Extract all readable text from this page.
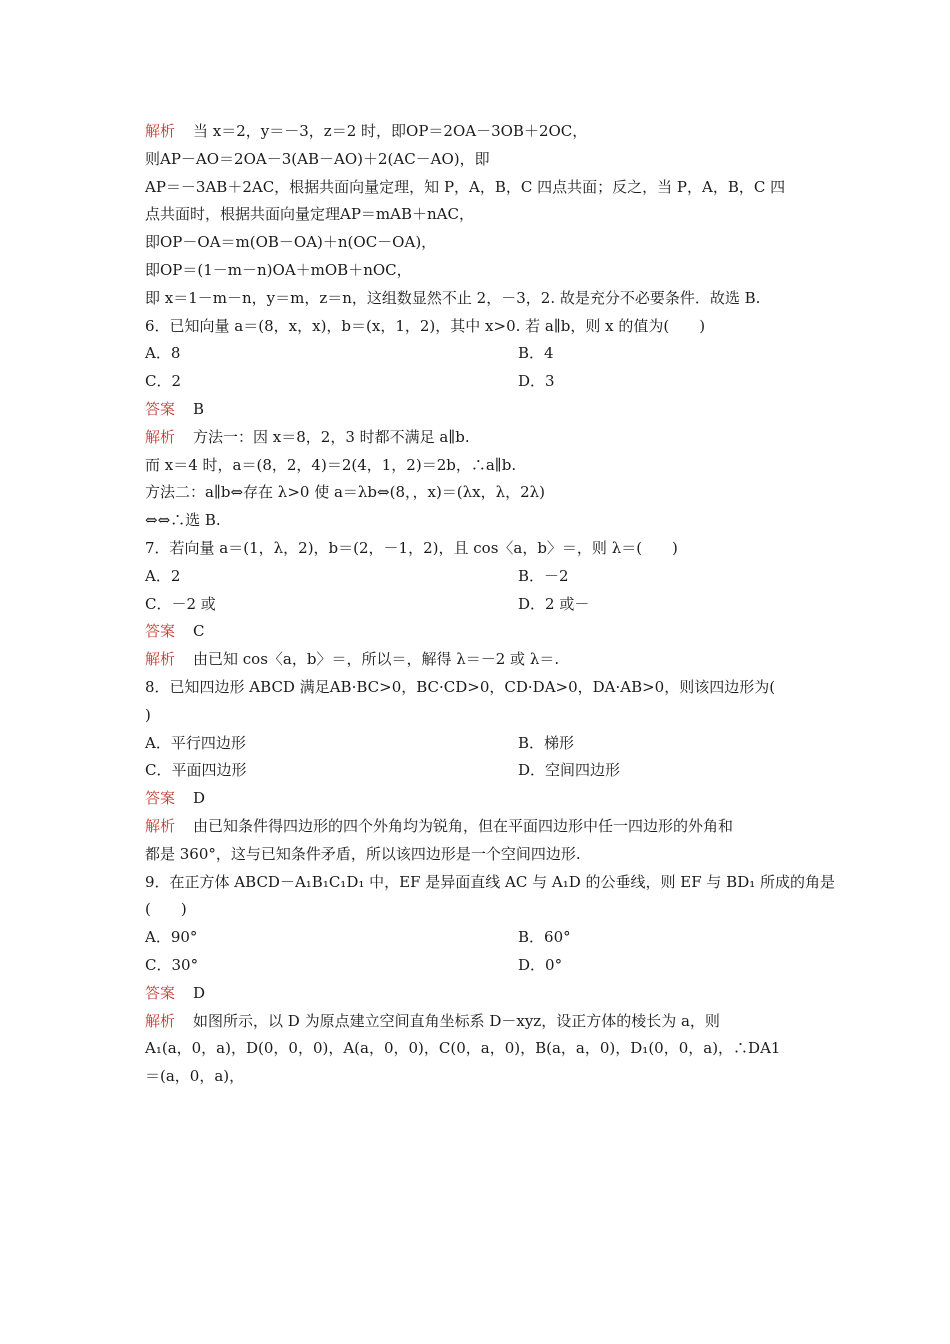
解析 当 x＝2，y＝－3，z＝2 时，即OP＝2OA－3OB＋2OC，
则AP－AO＝2OA－3(AB－AO)＋2(AC－AO)，即
AP＝－3AB＋2AC，根据共面向量定理，知 P，A，B，C 四点共面；反之，当 P，A，B，C 四
点共面时，根据共面向量定理AP＝mAB＋nAC，
即OP－OA＝m(OB－OA)＋n(OC－OA)，
即OP＝(1－m－n)OA＋mOB＋nOC，
即 x＝1－m－n，y＝m，z＝n，这组数显然不止 2，－3，2. 故是充分不必要条件．故选 B.
6．已知向量 a＝(8，x，x)，b＝(x，1，2)，其中 x>0. 若 a∥b，则 x 的值为(　　)
A．8	B．4
C．2	D．3
答案 B
解析 方法一：因 x＝8，2，3 时都不满足 a∥b.
而 x＝4 时，a＝(8，2，4)＝2(4，1，2)＝2b，∴a∥b.
方法二：a∥b⇔存在 λ>0 使 a＝λb⇔(8，，x)＝(λx，λ，2λ)
⇔⇔∴选 B.
7．若向量 a＝(1，λ，2)，b＝(2，－1，2)，且 cos〈a，b〉＝，则 λ＝(　　)
A．2	B．－2
C．－2 或	D．2 或－
答案 C
解析 由已知 cos〈a，b〉＝，所以＝，解得 λ＝－2 或 λ＝.
8．已知四边形 ABCD 满足AB·BC>0，BC·CD>0，CD·DA>0，DA·AB>0，则该四边形为(
)
A．平行四边形	B．梯形
C．平面四边形	D．空间四边形
答案 D
解析 由已知条件得四边形的四个外角均为锐角，但在平面四边形中任一四边形的外角和
都是 360°，这与已知条件矛盾，所以该四边形是一个空间四边形.
9．在正方体 ABCD－A₁B₁C₁D₁ 中，EF 是异面直线 AC 与 A₁D 的公垂线，则 EF 与 BD₁ 所成的角是
(　　)
A．90°	B．60°
C．30°	D．0°
答案 D
解析 如图所示，以 D 为原点建立空间直角坐标系 D－xyz，设正方体的棱长为 a，则
A₁(a，0，a)，D(0，0，0)，A(a，0，0)，C(0，a，0)，B(a，a，0)，D₁(0，0，a)，∴DA1
＝(a，0，a)，
